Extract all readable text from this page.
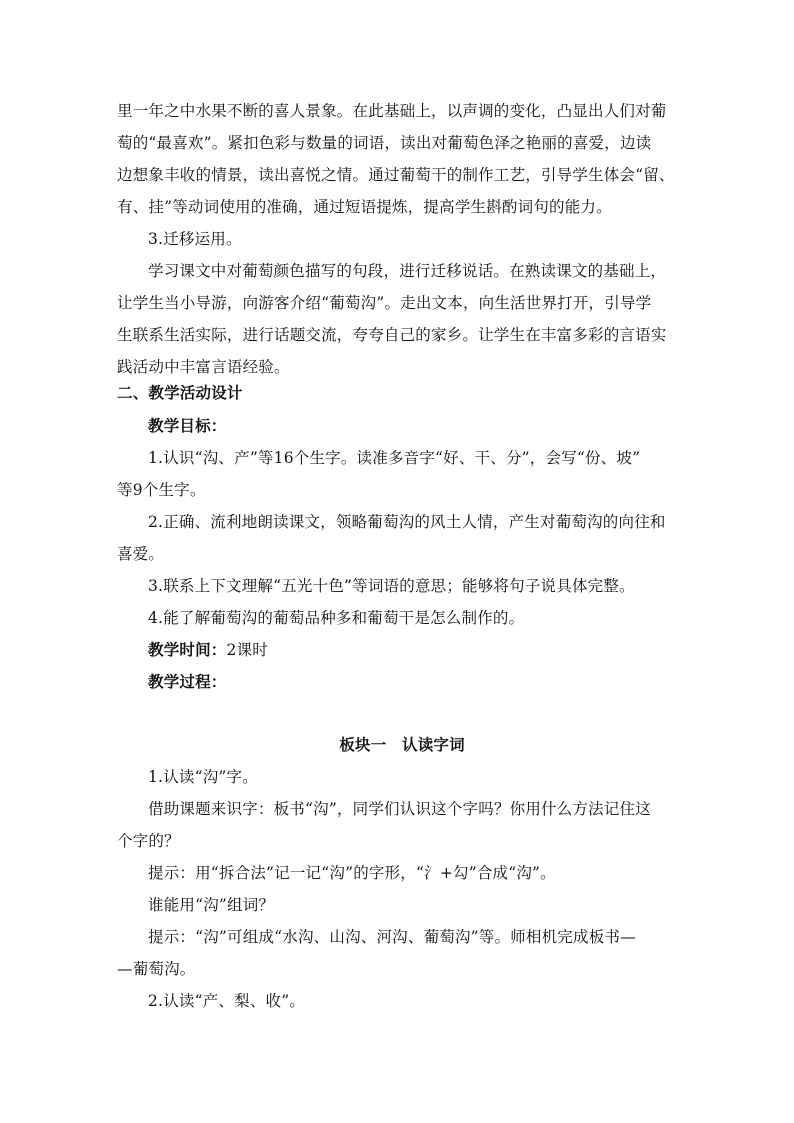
里一年之中水果不断的喜人景象。在此基础上，以声调的变化，凸显出人们对葡
萄的“最喜欢”。紧扣色彩与数量的词语，读出对葡萄色泽之艳丽的喜爱，边读
边想象丰收的情景，读出喜悦之情。通过葡萄干的制作工艺，引导学生体会“留、
有、挂”等动词使用的准确，通过短语提炼，提高学生斟酌词句的能力。
3.迁移运用。
学习课文中对葡萄颜色描写的句段，进行迁移说话。在熟读课文的基础上，
让学生当小导游，向游客介绍“葡萄沟”。走出文本，向生活世界打开，引导学
生联系生活实际，进行话题交流，夸夸自己的家乡。让学生在丰富多彩的言语实
践活动中丰富言语经验。
二、教学活动设计
教学目标：
1.认识“沟、产”等16个生字。读准多音字“好、干、分”，会写“份、坡”
等9个生字。
2.正确、流利地朗读课文，领略葡萄沟的风土人情，产生对葡萄沟的向往和
喜爱。
3.联系上下文理解“五光十色”等词语的意思；能够将句子说具体完整。
4.能了解葡萄沟的葡萄品种多和葡萄干是怎么制作的。
教学时间：2课时
教学过程：
板块一　认读字词
1.认读“沟”字。
借助课题来识字：板书“沟”，同学们认识这个字吗？你用什么方法记住这
个字的？
提示：用“拆合法”记一记“沟”的字形，“氵+勾”合成“沟”。
谁能用“沟”组词？
提示：“沟”可组成“水沟、山沟、河沟、葡萄沟”等。师相机完成板书—
—葡萄沟。
2.认读“产、梨、收”。
